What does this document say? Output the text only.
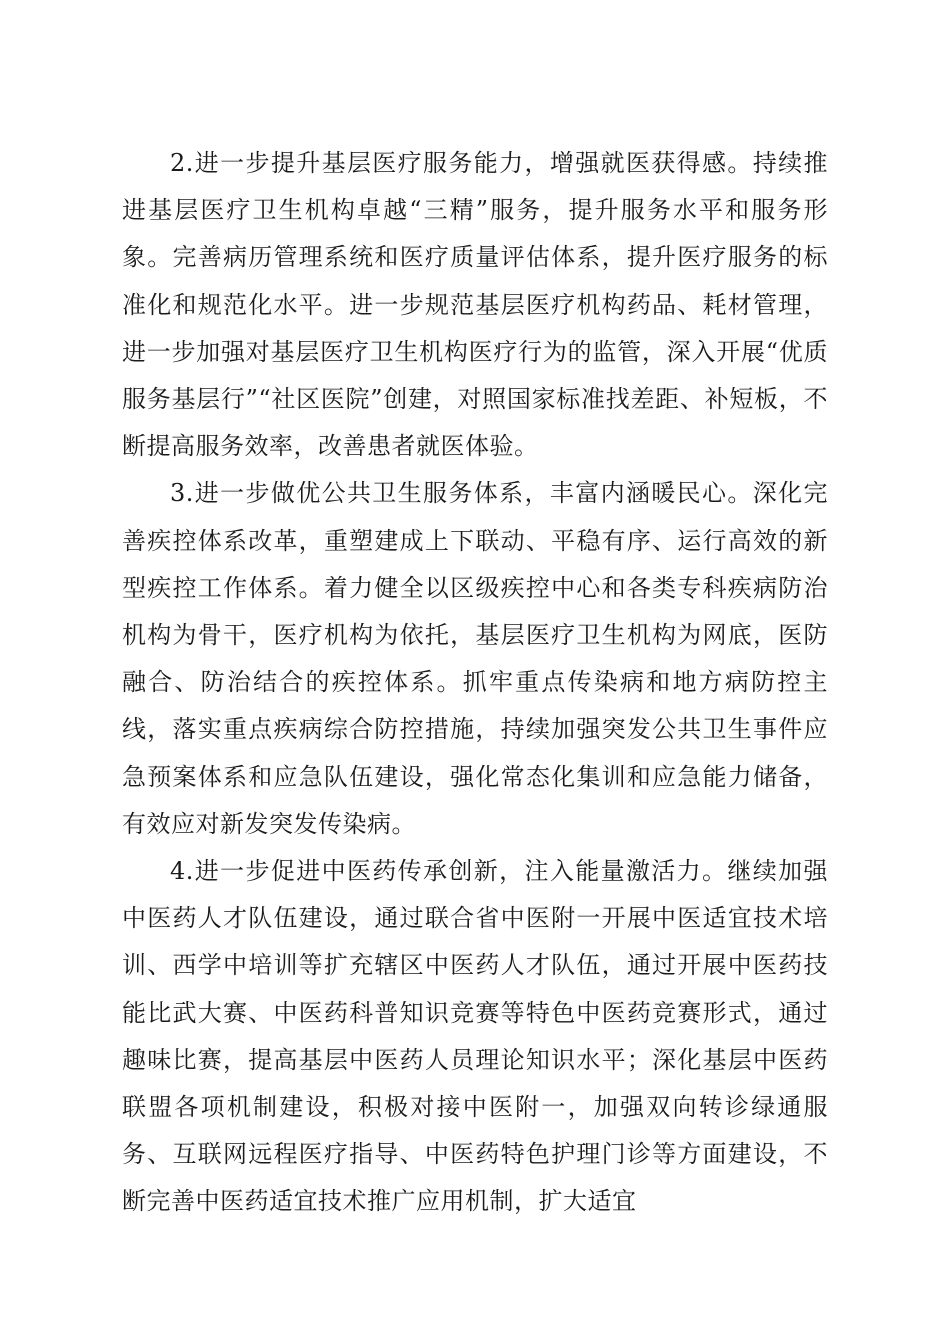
2.进一步提升基层医疗服务能力，增强就医获得感。持续推进基层医疗卫生机构卓越“三精”服务，提升服务水平和服务形象。完善病历管理系统和医疗质量评估体系，提升医疗服务的标准化和规范化水平。进一步规范基层医疗机构药品、耗材管理，进一步加强对基层医疗卫生机构医疗行为的监管，深入开展“优质服务基层行”“社区医院”创建，对照国家标准找差距、补短板，不断提高服务效率，改善患者就医体验。

3.进一步做优公共卫生服务体系，丰富内涵暖民心。深化完善疾控体系改革，重塑建成上下联动、平稳有序、运行高效的新型疾控工作体系。着力健全以区级疾控中心和各类专科疾病防治机构为骨干，医疗机构为依托，基层医疗卫生机构为网底，医防融合、防治结合的疾控体系。抓牢重点传染病和地方病防控主线，落实重点疾病综合防控措施，持续加强突发公共卫生事件应急预案体系和应急队伍建设，强化常态化集训和应急能力储备，有效应对新发突发传染病。

4.进一步促进中医药传承创新，注入能量激活力。继续加强中医药人才队伍建设，通过联合省中医附一开展中医适宜技术培训、西学中培训等扩充辖区中医药人才队伍，通过开展中医药技能比武大赛、中医药科普知识竞赛等特色中医药竞赛形式，通过趣味比赛，提高基层中医药人员理论知识水平；深化基层中医药联盟各项机制建设，积极对接中医附一，加强双向转诊绿通服务、互联网远程医疗指导、中医药特色护理门诊等方面建设，不断完善中医药适宜技术推广应用机制，扩大适宜
